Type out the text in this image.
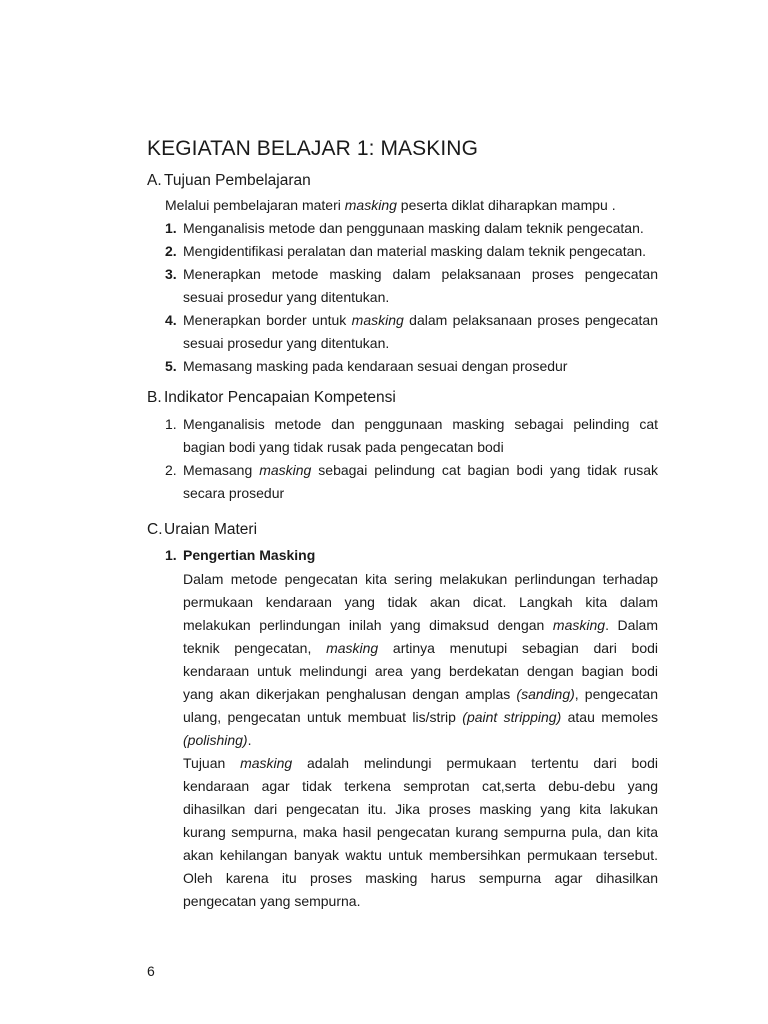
KEGIATAN BELAJAR 1: MASKING
A. Tujuan Pembelajaran
Melalui pembelajaran materi masking peserta diklat diharapkan mampu .
1. Menganalisis metode dan penggunaan masking dalam teknik pengecatan.
2. Mengidentifikasi peralatan dan material masking dalam teknik pengecatan.
3. Menerapkan metode masking dalam pelaksanaan proses pengecatan
sesuai prosedur yang ditentukan.
4. Menerapkan border untuk masking dalam pelaksanaan proses pengecatan
sesuai prosedur yang ditentukan.
5. Memasang masking pada kendaraan sesuai dengan prosedur
B. Indikator Pencapaian Kompetensi
1. Menganalisis metode dan penggunaan masking sebagai pelinding cat
bagian bodi yang tidak rusak pada pengecatan bodi
2. Memasang masking sebagai pelindung cat bagian bodi yang tidak rusak
secara prosedur
C.Uraian Materi
1. Pengertian Masking
Dalam metode pengecatan kita sering melakukan perlindungan terhadap
permukaan kendaraan yang tidak akan dicat. Langkah kita dalam
melakukan perlindungan inilah yang dimaksud dengan masking. Dalam
teknik pengecatan, masking artinya menutupi sebagian dari bodi
kendaraan untuk melindungi area yang berdekatan dengan bagian bodi
yang akan dikerjakan penghalusan dengan amplas (sanding), pengecatan
ulang, pengecatan untuk membuat lis/strip (paint stripping) atau memoles
(polishing).
Tujuan masking adalah melindungi permukaan tertentu dari bodi
kendaraan agar tidak terkena semprotan cat,serta debu-debu yang
dihasilkan dari pengecatan itu. Jika proses masking yang kita lakukan
kurang sempurna, maka hasil pengecatan kurang sempurna pula, dan kita
akan kehilangan banyak waktu untuk membersihkan permukaan tersebut.
Oleh karena itu proses masking harus sempurna agar dihasilkan
pengecatan yang sempurna.
6
